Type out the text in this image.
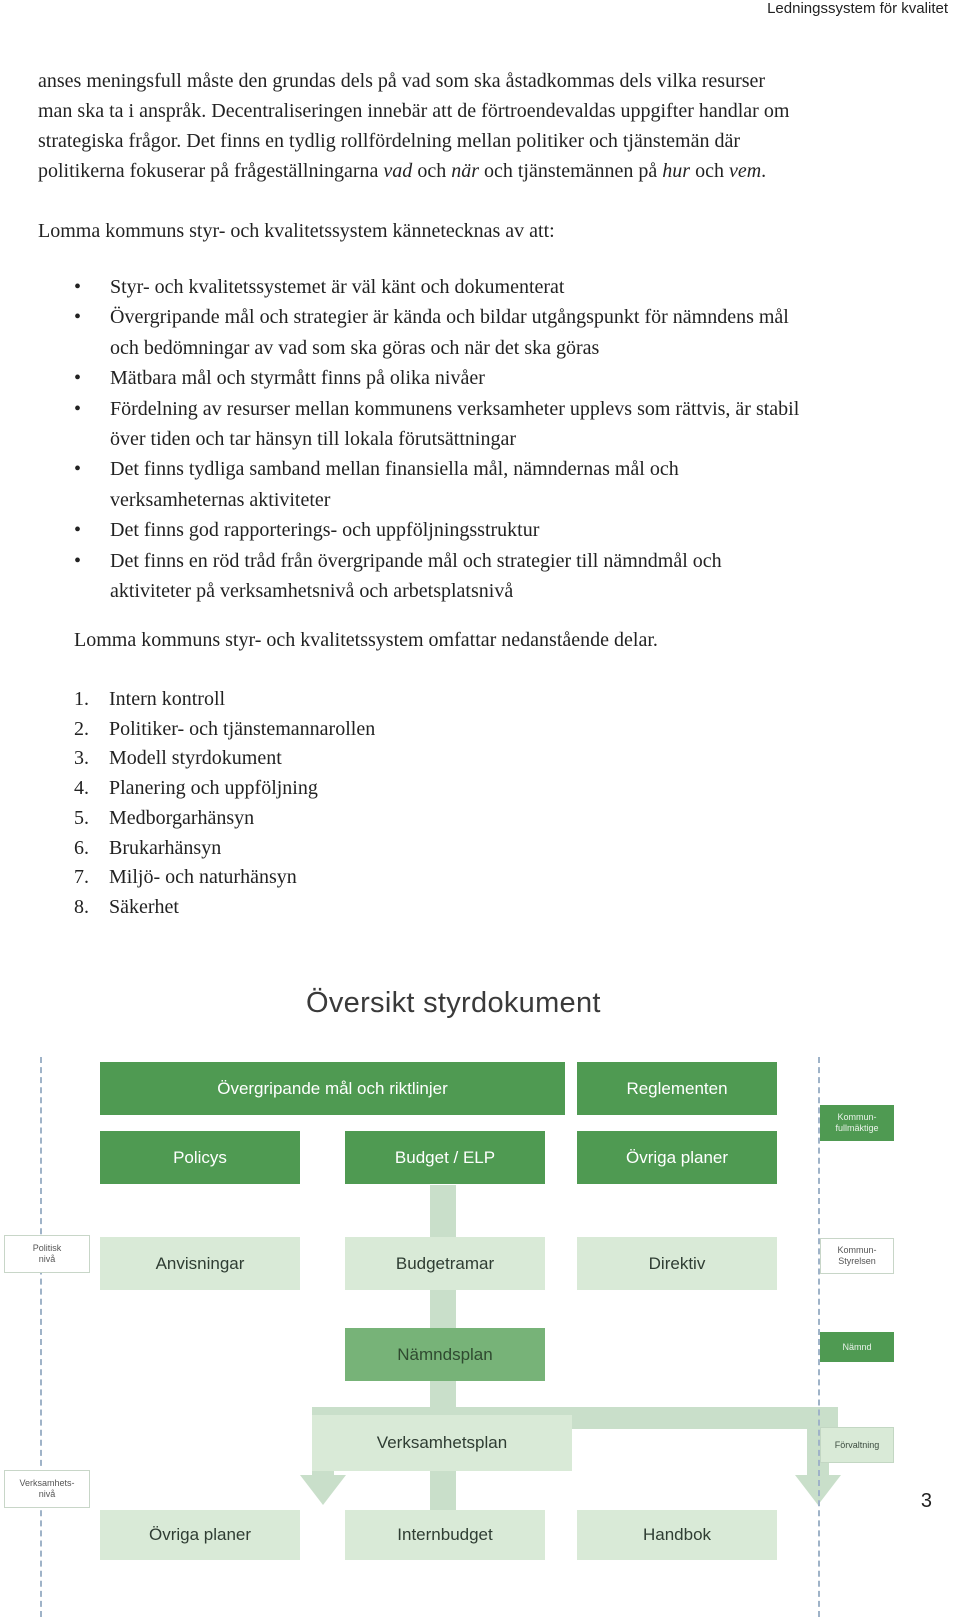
Ledningssystem för kvalitet
anses meningsfull måste den grundas dels på vad som ska åstadkommas dels vilka resurser
man ska ta i anspråk. Decentraliseringen innebär att de förtroendevaldas uppgifter handlar om
strategiska frågor. Det finns en tydlig rollfördelning mellan politiker och tjänstemän där
politikerna fokuserar på frågeställningarna vad och när och tjänstemännen på hur och vem.
Lomma kommuns styr- och kvalitetssystem kännetecknas av att:
• Styr- och kvalitetssystemet är väl känt och dokumenterat
• Övergripande mål och strategier är kända och bildar utgångspunkt för nämndens mål
och bedömningar av vad som ska göras och när det ska göras
• Mätbara mål och styrmått finns på olika nivåer
• Fördelning av resurser mellan kommunens verksamheter upplevs som rättvis, är stabil
över tiden och tar hänsyn till lokala förutsättningar
• Det finns tydliga samband mellan finansiella mål, nämndernas mål och
verksamheternas aktiviteter
• Det finns god rapporterings- och uppföljningsstruktur
• Det finns en röd tråd från övergripande mål och strategier till nämndmål och
aktiviteter på verksamhetsnivå och arbetsplatsnivå
Lomma kommuns styr- och kvalitetssystem omfattar nedanstående delar.
1. Intern kontroll
2. Politiker- och tjänstemannarollen
3. Modell styrdokument
4. Planering och uppföljning
5. Medborgarhänsyn
6. Brukarhänsyn
7. Miljö- och naturhänsyn
8. Säkerhet
Översikt styrdokument
Övergripande mål och riktlinjer	Reglementen
Policys	Budget / ELP	Övriga planer
Anvisningar	Budgetramar	Direktiv
Nämndsplan
Verksamhetsplan
Övriga planer	Internbudget	Handbok
Kommun-
fullmäktige
Kommun-
Styrelsen
Nämnd
Förvaltning
Politisk
nivå
Verksamhets-
nivå	3
